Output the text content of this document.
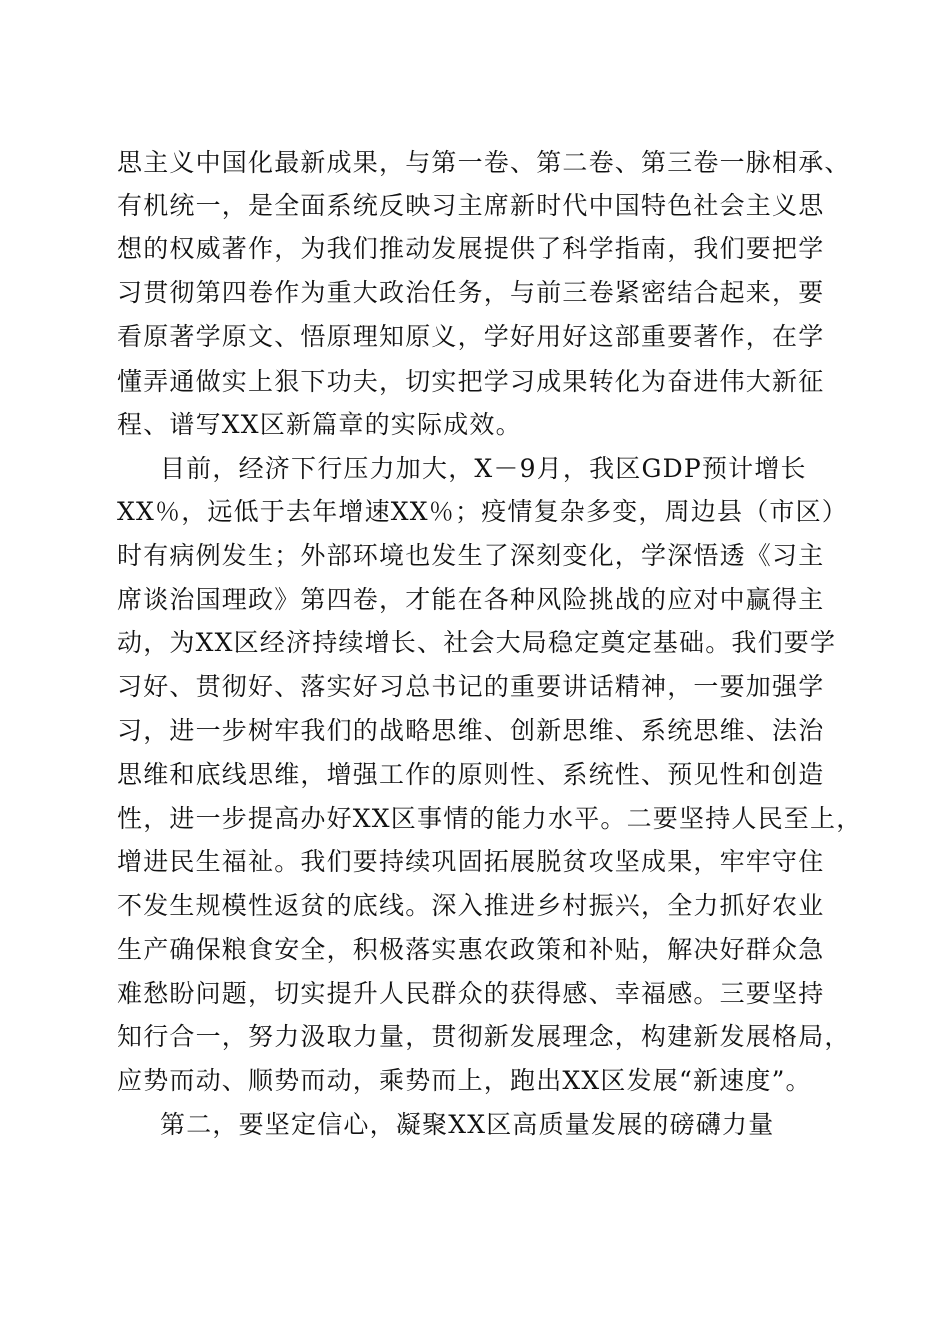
思主义中国化最新成果，与第一卷、第二卷、第三卷一脉相承、

有机统一，是全面系统反映习主席新时代中国特色社会主义思

想的权威著作，为我们推动发展提供了科学指南，我们要把学

习贯彻第四卷作为重大政治任务，与前三卷紧密结合起来，要

看原著学原文、悟原理知原义，学好用好这部重要著作，在学

懂弄通做实上狠下功夫，切实把学习成果转化为奋进伟大新征

程、谱写XX区新篇章的实际成效。

目前，经济下行压力加大，X－9月，我区GDP预计增长

XX％，远低于去年增速XX％；疫情复杂多变，周边县（市区）

时有病例发生；外部环境也发生了深刻变化，学深悟透《习主

席谈治国理政》第四卷，才能在各种风险挑战的应对中赢得主

动，为XX区经济持续增长、社会大局稳定奠定基础。我们要学

习好、贯彻好、落实好习总书记的重要讲话精神，一要加强学

习，进一步树牢我们的战略思维、创新思维、系统思维、法治

思维和底线思维，增强工作的原则性、系统性、预见性和创造

性，进一步提高办好XX区事情的能力水平。二要坚持人民至上，

增进民生福祉。我们要持续巩固拓展脱贫攻坚成果，牢牢守住

不发生规模性返贫的底线。深入推进乡村振兴，全力抓好农业

生产确保粮食安全，积极落实惠农政策和补贴，解决好群众急

难愁盼问题，切实提升人民群众的获得感、幸福感。三要坚持

知行合一，努力汲取力量，贯彻新发展理念，构建新发展格局，

应势而动、顺势而动，乘势而上，跑出XX区发展“新速度”。

第二，要坚定信心，凝聚XX区高质量发展的磅礴力量
